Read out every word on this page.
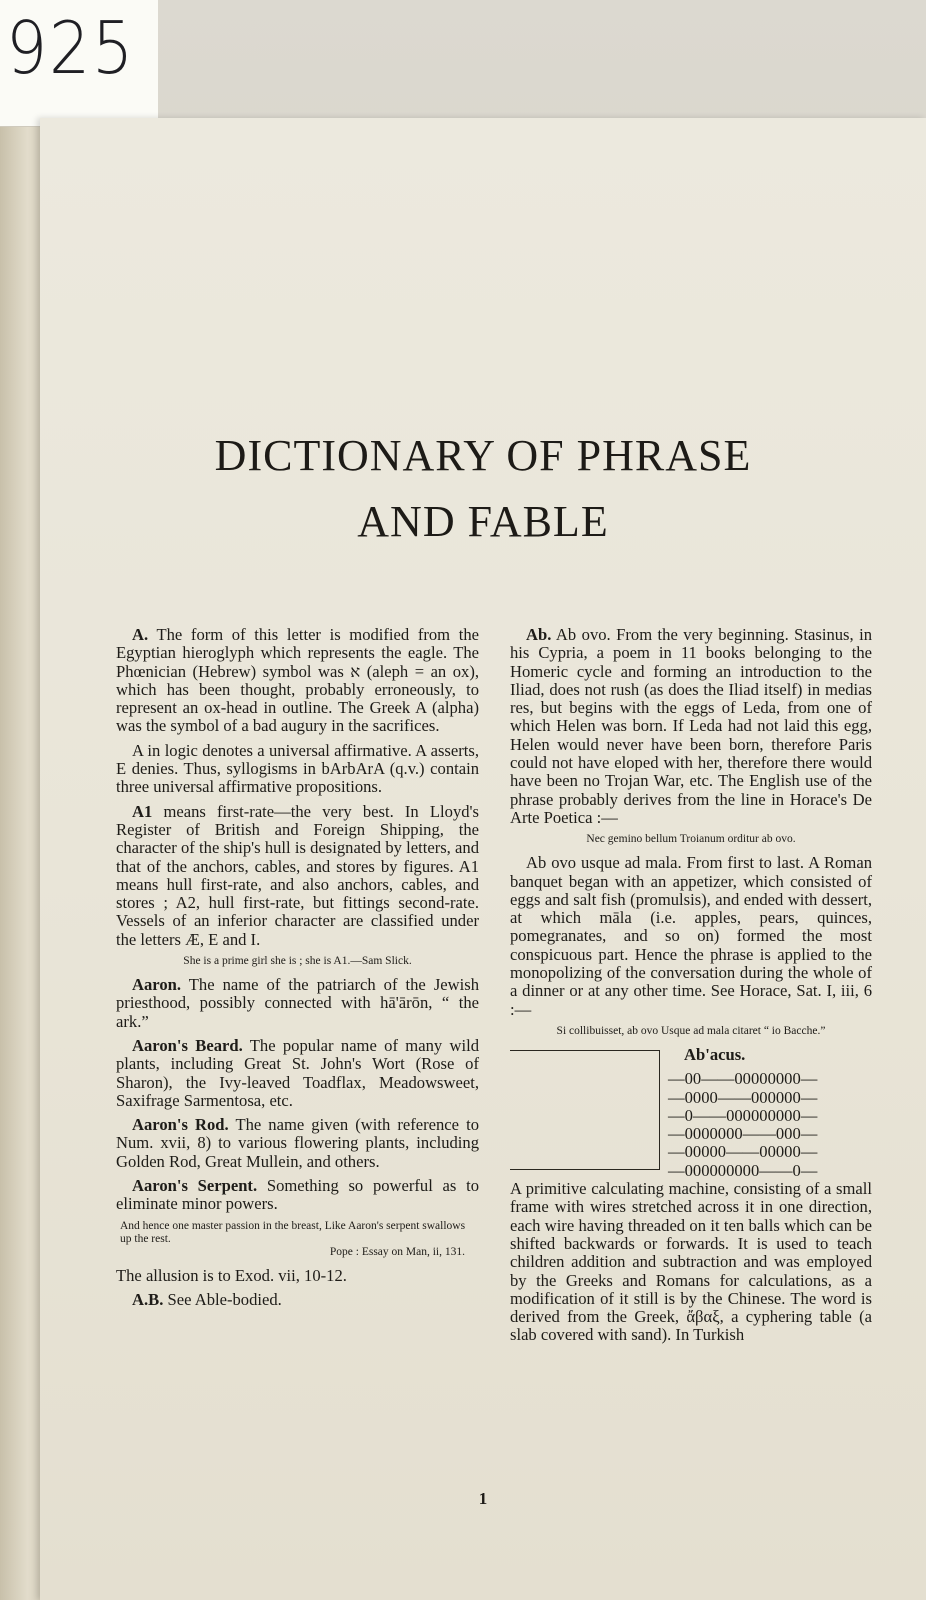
925
DICTIONARY OF PHRASE
AND FABLE

A. The form of this letter is modified from the Egyptian hieroglyph which represents the eagle. The Phœnician (Hebrew) symbol was א (aleph = an ox), which has been thought, probably erroneously, to represent an ox-head in outline. The Greek A (alpha) was the symbol of a bad augury in the sacrifices.

A in logic denotes a universal affirmative. A asserts, E denies. Thus, syllogisms in bArbArA (q.v.) contain three universal affirmative propositions.

A1 means first-rate—the very best. In Lloyd's Register of British and Foreign Shipping, the character of the ship's hull is designated by letters, and that of the anchors, cables, and stores by figures. A1 means hull first-rate, and also anchors, cables, and stores ; A2, hull first-rate, but fittings second-rate. Vessels of an inferior character are classified under the letters Æ, E and I.

She is a prime girl she is ; she is A1.—Sam Slick.

Aaron. The name of the patriarch of the Jewish priesthood, possibly connected with hā'ārōn, “ the ark.”

Aaron's Beard. The popular name of many wild plants, including Great St. John's Wort (Rose of Sharon), the Ivy-leaved Toadflax, Meadowsweet, Saxifrage Sarmentosa, etc.

Aaron's Rod. The name given (with reference to Num. xvii, 8) to various flowering plants, including Golden Rod, Great Mullein, and others.

Aaron's Serpent. Something so powerful as to eliminate minor powers.

And hence one master passion in the breast, Like Aaron's serpent swallows up the rest.
Pope : Essay on Man, ii, 131.

The allusion is to Exod. vii, 10-12.

A.B. See Able-bodied.

Ab. Ab ovo. From the very beginning. Stasinus, in his Cypria, a poem in 11 books belonging to the Homeric cycle and forming an introduction to the Iliad, does not rush (as does the Iliad itself) in medias res, but begins with the eggs of Leda, from one of which Helen was born. If Leda had not laid this egg, Helen would never have been born, therefore Paris could not have eloped with her, therefore there would have been no Trojan War, etc. The English use of the phrase probably derives from the line in Horace's De Arte Poetica :—

Nec gemino bellum Troianum orditur ab ovo.

Ab ovo usque ad mala. From first to last. A Roman banquet began with an appetizer, which consisted of eggs and salt fish (promulsis), and ended with dessert, at which māla (i.e. apples, pears, quinces, pomegranates, and so on) formed the most conspicuous part. Hence the phrase is applied to the monopolizing of the conversation during the whole of a dinner or at any other time. See Horace, Sat. I, iii, 6 :—

Si collibuisset, ab ovo Usque ad mala citaret “ io Bacche.”

Ab'acus.

—00——00000000—
—0000——000000—
—0——000000000—
—0000000——000—
—00000——00000—
—000000000——0—
A primitive calculating machine, consisting of a small frame with wires stretched across it in one direction, each wire having threaded on it ten balls which can be shifted backwards or forwards. It is used to teach children addition and subtraction and was employed by the Greeks and Romans for calculations, as a modification of it still is by the Chinese. The word is derived from the Greek, ἄβαξ, a cyphering table (a slab covered with sand). In Turkish

1
